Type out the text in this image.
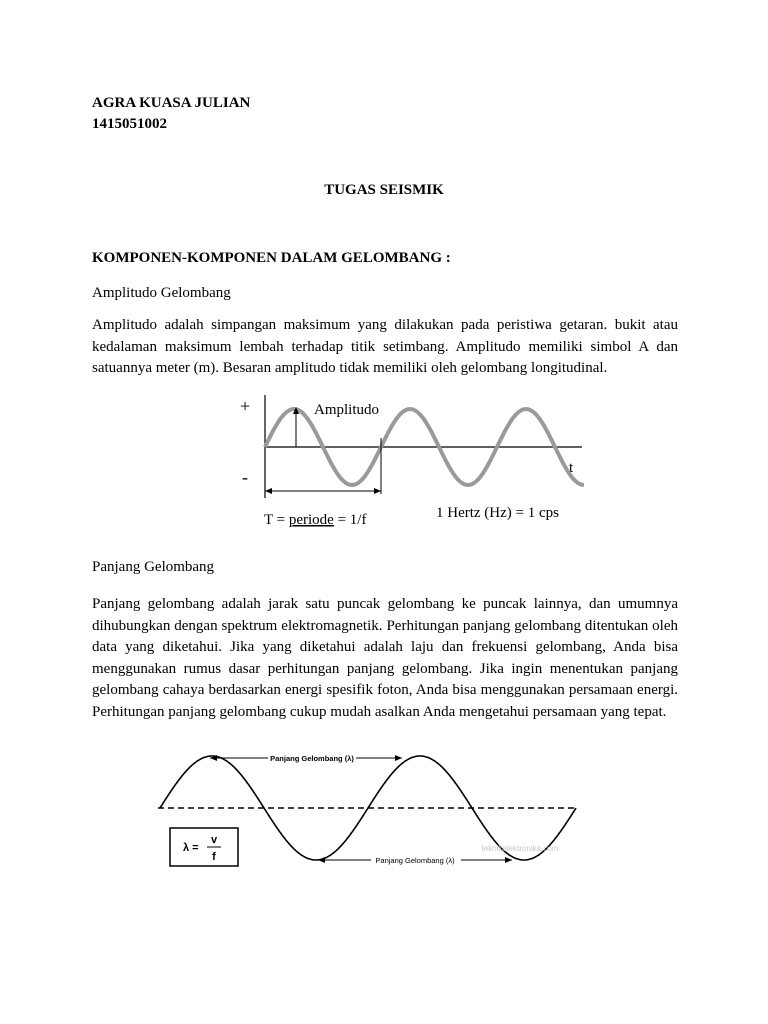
AGRA KUASA JULIAN
1415051002
TUGAS SEISMIK
KOMPONEN-KOMPONEN DALAM GELOMBANG :
Amplitudo Gelombang
Amplitudo adalah simpangan maksimum yang dilakukan pada peristiwa getaran. bukit atau kedalaman maksimum lembah terhadap titik setimbang. Amplitudo memiliki simbol A dan satuannya meter (m). Besaran amplitudo tidak memiliki oleh gelombang longitudinal.
+
-
Amplitudo
t
T = periode = 1/f	1 Hertz (Hz) = 1 cps
Panjang Gelombang
Panjang gelombang adalah jarak satu puncak gelombang ke puncak lainnya, dan umumnya dihubungkan dengan spektrum elektromagnetik. Perhitungan panjang gelombang ditentukan oleh data yang diketahui. Jika yang diketahui adalah laju dan frekuensi gelombang, Anda bisa menggunakan rumus dasar perhitungan panjang gelombang. Jika ingin menentukan panjang gelombang cahaya berdasarkan energi spesifik foton, Anda bisa menggunakan persamaan energi. Perhitungan panjang gelombang cukup mudah asalkan Anda mengetahui persamaan yang tepat.
Panjang Gelombang (λ)
Panjang Gelombang (λ)
teknikelektronika.com
λ =
v
f
